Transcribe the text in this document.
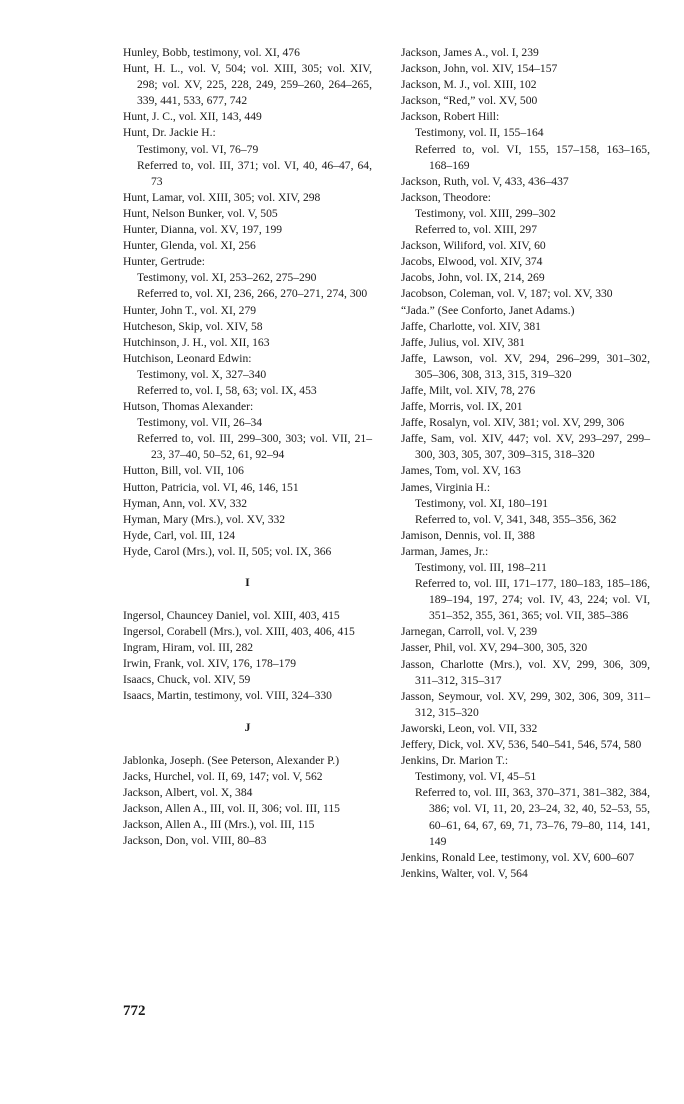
Hunley, Bobb, testimony, vol. XI, 476
Hunt, H. L., vol. V, 504; vol. XIII, 305; vol. XIV, 298; vol. XV, 225, 228, 249, 259–260, 264–265, 339, 441, 533, 677, 742
Hunt, J. C., vol. XII, 143, 449
Hunt, Dr. Jackie H.:
Testimony, vol. VI, 76–79
Referred to, vol. III, 371; vol. VI, 40, 46–47, 64, 73
Hunt, Lamar, vol. XIII, 305; vol. XIV, 298
Hunt, Nelson Bunker, vol. V, 505
Hunter, Dianna, vol. XV, 197, 199
Hunter, Glenda, vol. XI, 256
Hunter, Gertrude:
Testimony, vol. XI, 253–262, 275–290
Referred to, vol. XI, 236, 266, 270–271, 274, 300
Hunter, John T., vol. XI, 279
Hutcheson, Skip, vol. XIV, 58
Hutchinson, J. H., vol. XII, 163
Hutchison, Leonard Edwin:
Testimony, vol. X, 327–340
Referred to, vol. I, 58, 63; vol. IX, 453
Hutson, Thomas Alexander:
Testimony, vol. VII, 26–34
Referred to, vol. III, 299–300, 303; vol. VII, 21–23, 37–40, 50–52, 61, 92–94
Hutton, Bill, vol. VII, 106
Hutton, Patricia, vol. VI, 46, 146, 151
Hyman, Ann, vol. XV, 332
Hyman, Mary (Mrs.), vol. XV, 332
Hyde, Carl, vol. III, 124
Hyde, Carol (Mrs.), vol. II, 505; vol. IX, 366
I
Ingersol, Chauncey Daniel, vol. XIII, 403, 415
Ingersol, Corabell (Mrs.), vol. XIII, 403, 406, 415
Ingram, Hiram, vol. III, 282
Irwin, Frank, vol. XIV, 176, 178–179
Isaacs, Chuck, vol. XIV, 59
Isaacs, Martin, testimony, vol. VIII, 324–330
J
Jablonka, Joseph. (See Peterson, Alexander P.)
Jacks, Hurchel, vol. II, 69, 147; vol. V, 562
Jackson, Albert, vol. X, 384
Jackson, Allen A., III, vol. II, 306; vol. III, 115
Jackson, Allen A., III (Mrs.), vol. III, 115
Jackson, Don, vol. VIII, 80–83
Jackson, James A., vol. I, 239
Jackson, John, vol. XIV, 154–157
Jackson, M. J., vol. XIII, 102
Jackson, “Red,” vol. XV, 500
Jackson, Robert Hill:
Testimony, vol. II, 155–164
Referred to, vol. VI, 155, 157–158, 163–165, 168–169
Jackson, Ruth, vol. V, 433, 436–437
Jackson, Theodore:
Testimony, vol. XIII, 299–302
Referred to, vol. XIII, 297
Jackson, Wiliford, vol. XIV, 60
Jacobs, Elwood, vol. XIV, 374
Jacobs, John, vol. IX, 214, 269
Jacobson, Coleman, vol. V, 187; vol. XV, 330
“Jada.” (See Conforto, Janet Adams.)
Jaffe, Charlotte, vol. XIV, 381
Jaffe, Julius, vol. XIV, 381
Jaffe, Lawson, vol. XV, 294, 296–299, 301–302, 305–306, 308, 313, 315, 319–320
Jaffe, Milt, vol. XIV, 78, 276
Jaffe, Morris, vol. IX, 201
Jaffe, Rosalyn, vol. XIV, 381; vol. XV, 299, 306
Jaffe, Sam, vol. XIV, 447; vol. XV, 293–297, 299–300, 303, 305, 307, 309–315, 318–320
James, Tom, vol. XV, 163
James, Virginia H.:
Testimony, vol. XI, 180–191
Referred to, vol. V, 341, 348, 355–356, 362
Jamison, Dennis, vol. II, 388
Jarman, James, Jr.:
Testimony, vol. III, 198–211
Referred to, vol. III, 171–177, 180–183, 185–186, 189–194, 197, 274; vol. IV, 43, 224; vol. VI, 351–352, 355, 361, 365; vol. VII, 385–386
Jarnegan, Carroll, vol. V, 239
Jasser, Phil, vol. XV, 294–300, 305, 320
Jasson, Charlotte (Mrs.), vol. XV, 299, 306, 309, 311–312, 315–317
Jasson, Seymour, vol. XV, 299, 302, 306, 309, 311–312, 315–320
Jaworski, Leon, vol. VII, 332
Jeffery, Dick, vol. XV, 536, 540–541, 546, 574, 580
Jenkins, Dr. Marion T.:
Testimony, vol. VI, 45–51
Referred to, vol. III, 363, 370–371, 381–382, 384, 386; vol. VI, 11, 20, 23–24, 32, 40, 52–53, 55, 60–61, 64, 67, 69, 71, 73–76, 79–80, 114, 141, 149
Jenkins, Ronald Lee, testimony, vol. XV, 600–607
Jenkins, Walter, vol. V, 564
772
